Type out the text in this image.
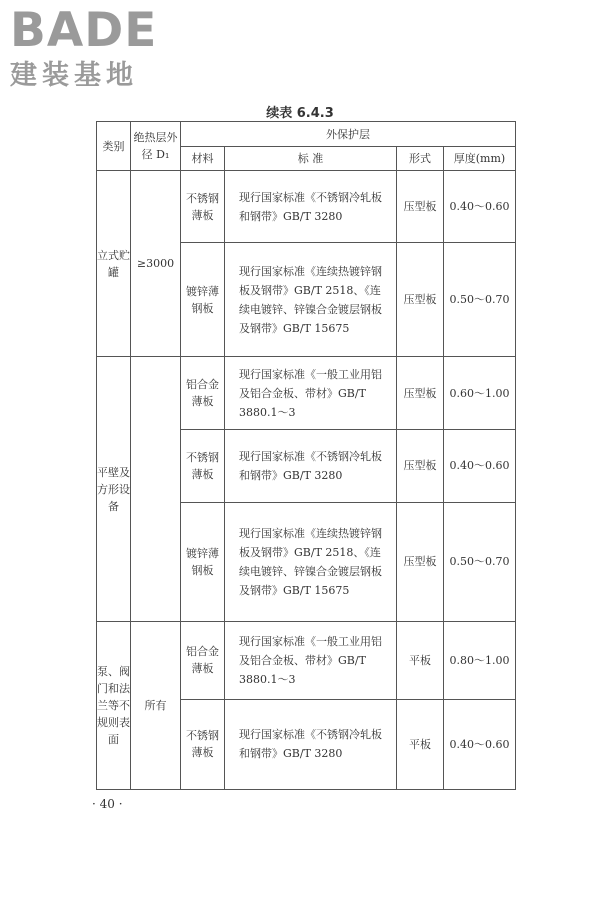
BADE
建装基地
续表 6.4.3
类别	绝热层外径 D₁	外保护层			
		材料	标 准	形式	厚度(mm)
立式贮罐	≥3000	不锈钢薄板	现行国家标准《不锈钢冷轧板和钢带》GB/T 3280	压型板	0.40～0.60
		镀锌薄钢板	现行国家标准《连续热镀锌钢板及钢带》GB/T 2518、《连续电镀锌、锌镍合金镀层钢板及钢带》GB/T 15675	压型板	0.50～0.70
平壁及方形设备		铝合金薄板	现行国家标准《一般工业用铝及铝合金板、带材》GB/T 3880.1～3	压型板	0.60～1.00
		不锈钢薄板	现行国家标准《不锈钢冷轧板和钢带》GB/T 3280	压型板	0.40～0.60
		镀锌薄钢板	现行国家标准《连续热镀锌钢板及钢带》GB/T 2518、《连续电镀锌、锌镍合金镀层钢板及钢带》GB/T 15675	压型板	0.50～0.70
泵、阀门和法兰等不规则表面	所有	铝合金薄板	现行国家标准《一般工业用铝及铝合金板、带材》GB/T 3880.1～3	平板	0.80～1.00
		不锈钢薄板	现行国家标准《不锈钢冷轧板和钢带》GB/T 3280	平板	0.40～0.60
· 40 ·
